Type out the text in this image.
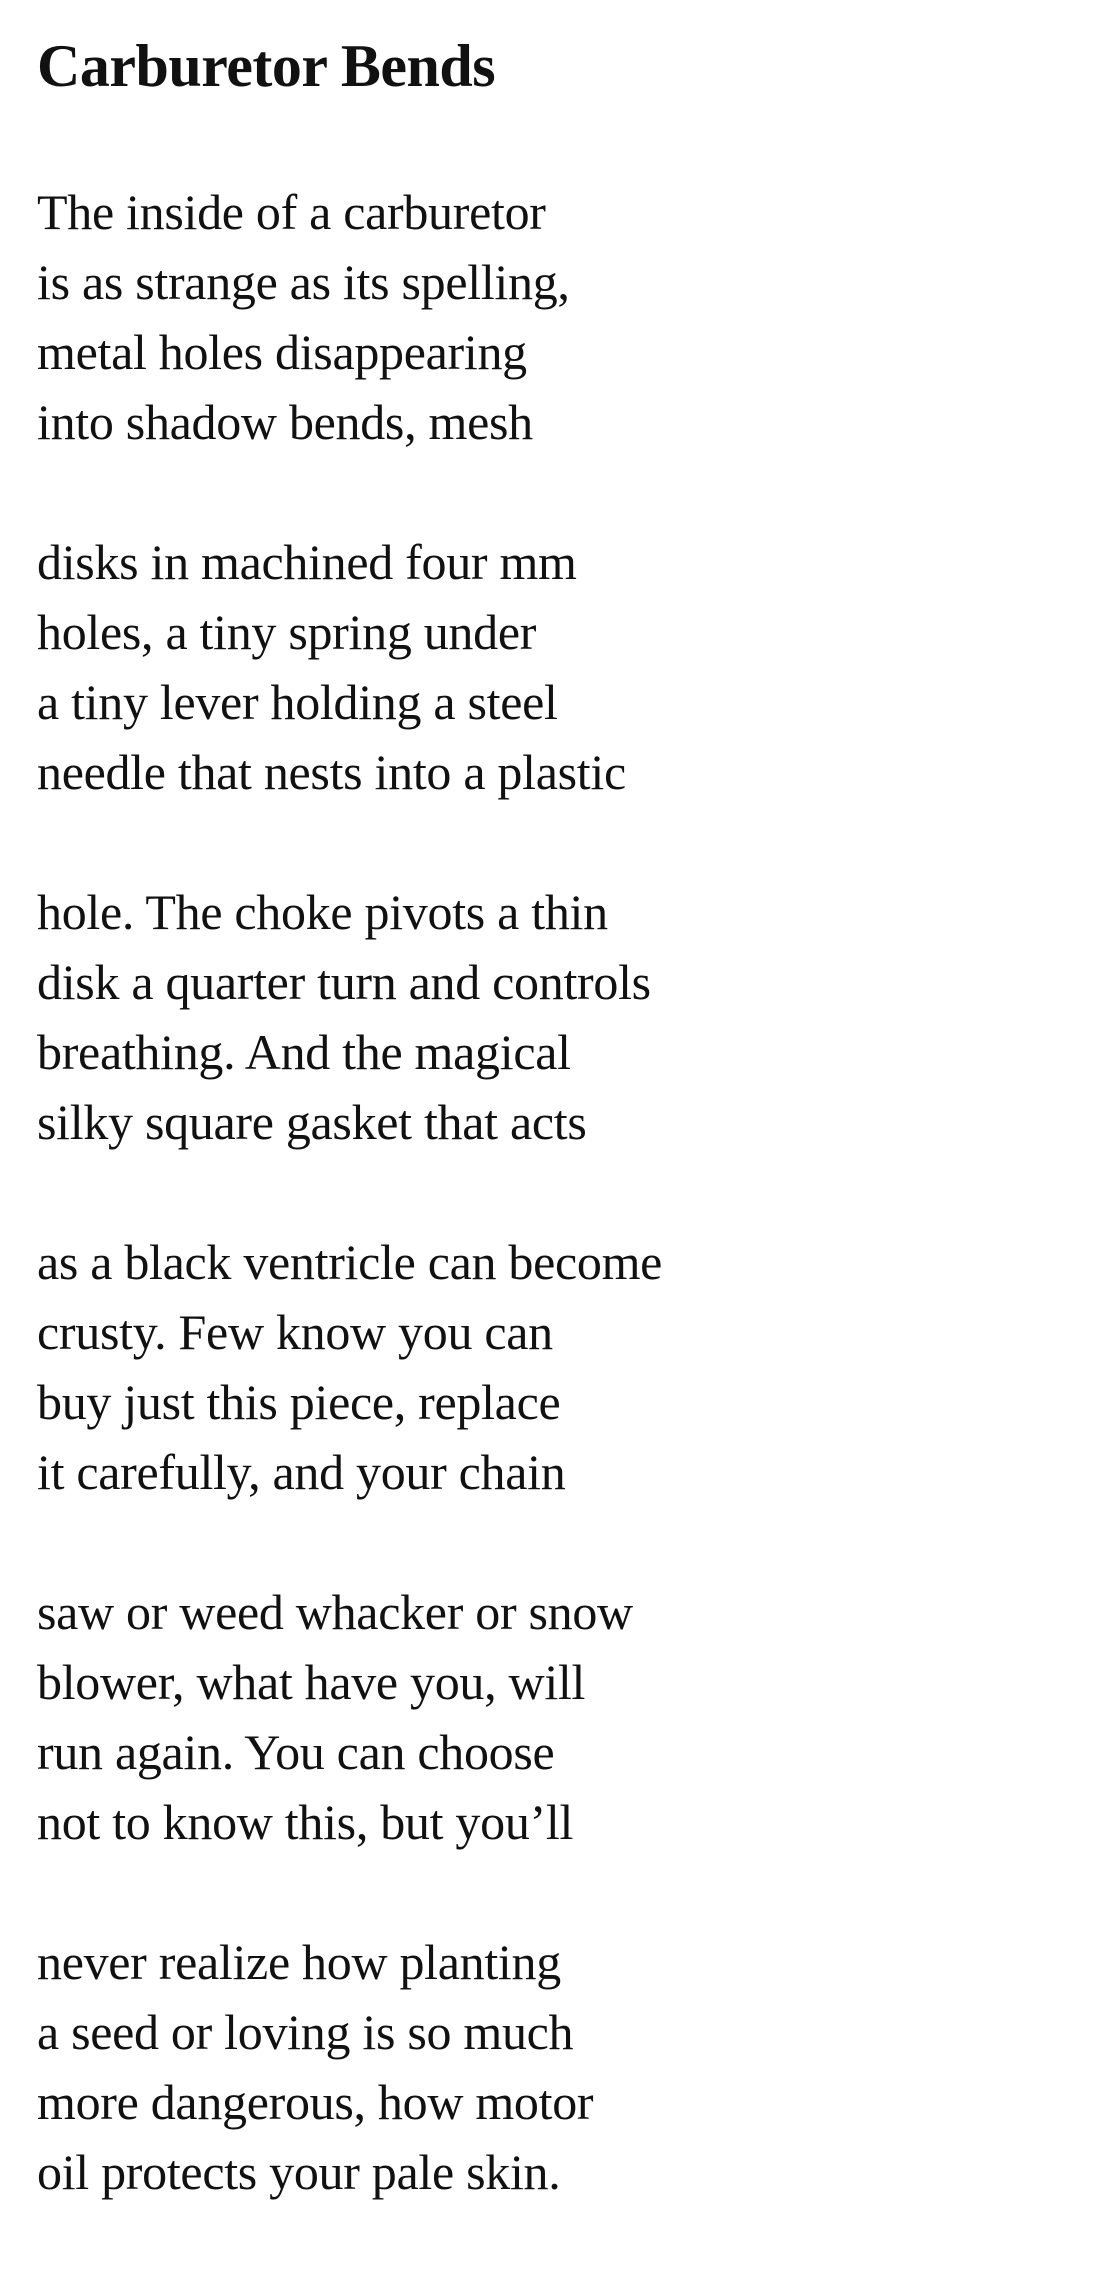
Carburetor Bends
The inside of a carburetor
is as strange as its spelling,
metal holes disappearing
into shadow bends, mesh
disks in machined four mm
holes, a tiny spring under
a tiny lever holding a steel
needle that nests into a plastic
hole. The choke pivots a thin
disk a quarter turn and controls
breathing. And the magical
silky square gasket that acts
as a black ventricle can become
crusty. Few know you can
buy just this piece, replace
it carefully, and your chain
saw or weed whacker or snow
blower, what have you, will
run again. You can choose
not to know this, but you’ll
never realize how planting
a seed or loving is so much
more dangerous, how motor
oil protects your pale skin.
